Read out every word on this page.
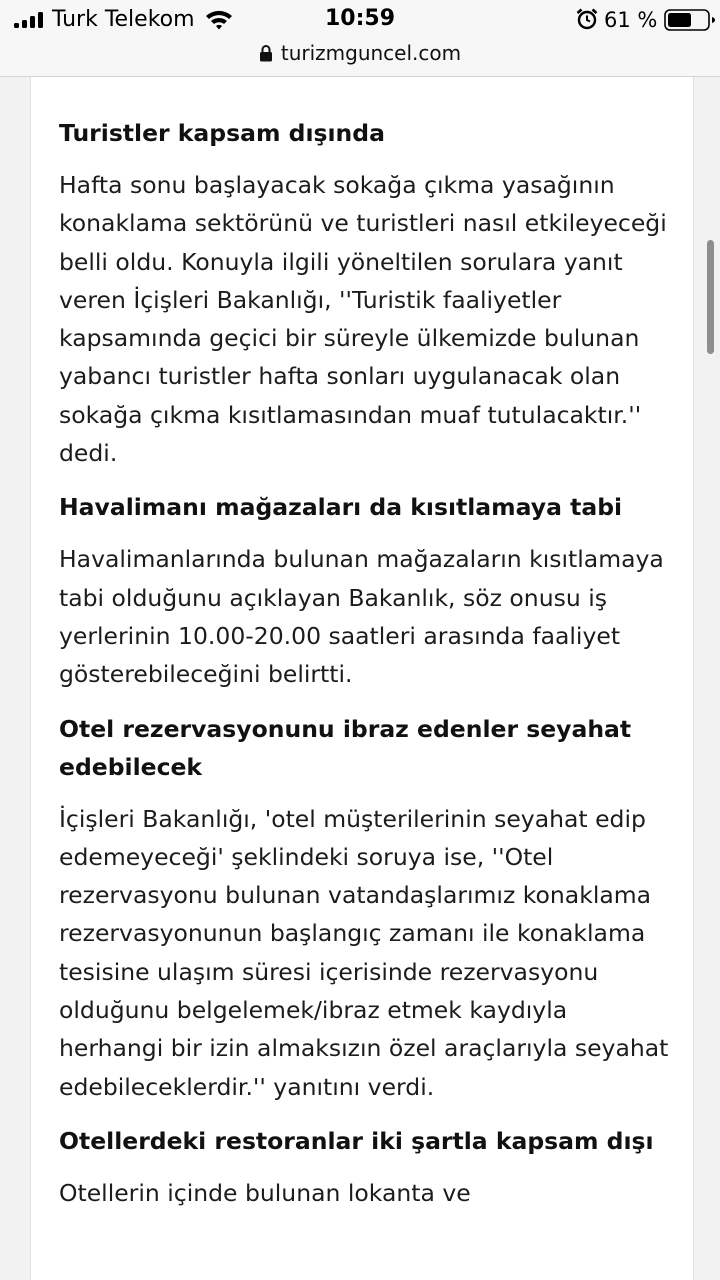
Turk Telekom	10:59	61 %
turizmguncel.com
Turistler kapsam dışında

Hafta sonu başlayacak sokağa çıkma yasağının konaklama sektörünü ve turistleri nasıl etkileyeceği belli oldu. Konuyla ilgili yöneltilen sorulara yanıt veren İçişleri Bakanlığı, ''Turistik faaliyetler kapsamında geçici bir süreyle ülkemizde bulunan yabancı turistler hafta sonları uygulanacak olan sokağa çıkma kısıtlamasından muaf tutulacaktır.'' dedi.

Havalimanı mağazaları da kısıtlamaya tabi

Havalimanlarında bulunan mağazaların kısıtlamaya tabi olduğunu açıklayan Bakanlık, söz onusu iş yerlerinin 10.00-20.00 saatleri arasında faaliyet gösterebileceğini belirtti.

Otel rezervasyonunu ibraz edenler seyahat edebilecek

İçişleri Bakanlığı, 'otel müşterilerinin seyahat edip edemeyeceği' şeklindeki soruya ise, ''Otel rezervasyonu bulunan vatandaşlarımız konaklama rezervasyonunun başlangıç zamanı ile konaklama tesisine ulaşım süresi içerisinde rezervasyonu olduğunu belgelemek/ibraz etmek kaydıyla herhangi bir izin almaksızın özel araçlarıyla seyahat edebileceklerdir.'' yanıtını verdi.

Otellerdeki restoranlar iki şartla kapsam dışı

Otellerin içinde bulunan lokanta ve
